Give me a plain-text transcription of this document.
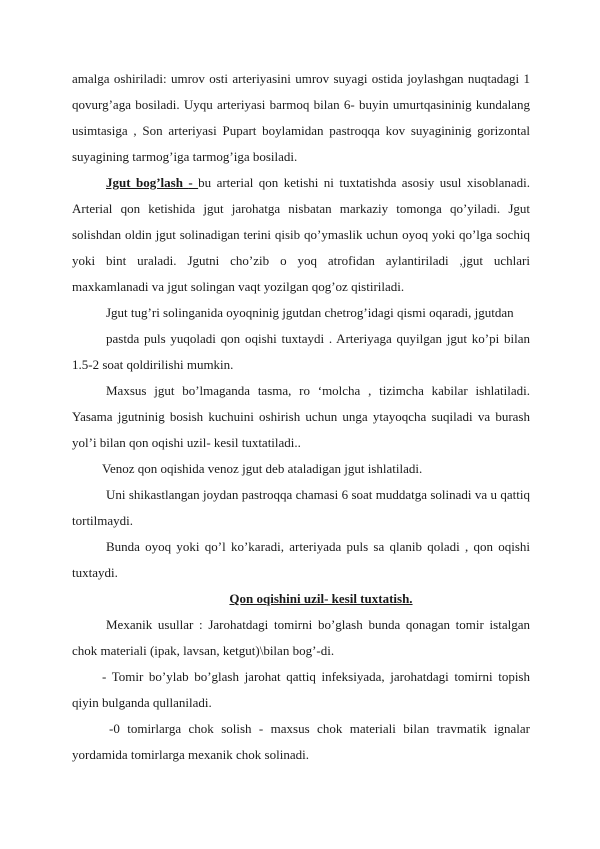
amalga oshiriladi: umrov osti arteriyasini umrov suyagi ostida joylashgan nuqtadagi 1 qovurg’aga bosiladi. Uyqu arteriyasi barmoq bilan 6- buyin umurtqasininig kundalang usimtasiga , Son arteriyasi Pupart boylamidan pastroqqa kov suyagininig gorizontal suyagining tarmog’iga tarmog’iga bosiladi.

Jgut bog’lash - bu arterial qon ketishi ni tuxtatishda asosiy usul xisoblanadi. Arterial qon ketishida jgut jarohatga nisbatan markaziy tomonga qo’yiladi. Jgut solishdan oldin jgut solinadigan terini qisib qo’ymaslik uchun oyoq yoki qo’lga sochiq yoki bint uraladi. Jgutni cho’zib o yoq atrofidan aylantiriladi ,jgut uchlari maxkamlanadi va jgut solingan vaqt yozilgan qog’oz qistiriladi.

Jgut tug’ri solinganida oyoqninig jgutdan chetrog’idagi qismi oqaradi, jgutdan

pastda puls yuqoladi qon oqishi tuxtaydi . Arteriyaga quyilgan jgut ko’pi bilan 1.5-2 soat qoldirilishi mumkin.

Maxsus jgut bo’lmaganda tasma, ro ‘molcha , tizimcha kabilar ishlatiladi. Yasama jgutninig bosish kuchuini oshirish uchun unga ytayoqcha suqiladi va burash yol’i bilan qon oqishi uzil- kesil tuxtatiladi..

Venoz qon oqishida venoz jgut deb ataladigan jgut ishlatiladi.

Uni shikastlangan joydan pastroqqa chamasi 6 soat muddatga solinadi va u qattiq tortilmaydi.

Bunda oyoq yoki qo’l ko’karadi, arteriyada puls sa qlanib qoladi , qon oqishi tuxtaydi.

Qon oqishini uzil- kesil tuxtatish.

Mexanik usullar : Jarohatdagi tomirni bo’glash bunda qonagan tomir istalgan chok materiali (ipak, lavsan, ketgut)\bilan bog’-di.

- Tomir bo’ylab bo’glash jarohat qattiq infeksiyada, jarohatdagi tomirni topish qiyin bulganda qullaniladi.

-0 tomirlarga chok solish - maxsus chok materiali bilan travmatik ignalar yordamida tomirlarga mexanik chok solinadi.
